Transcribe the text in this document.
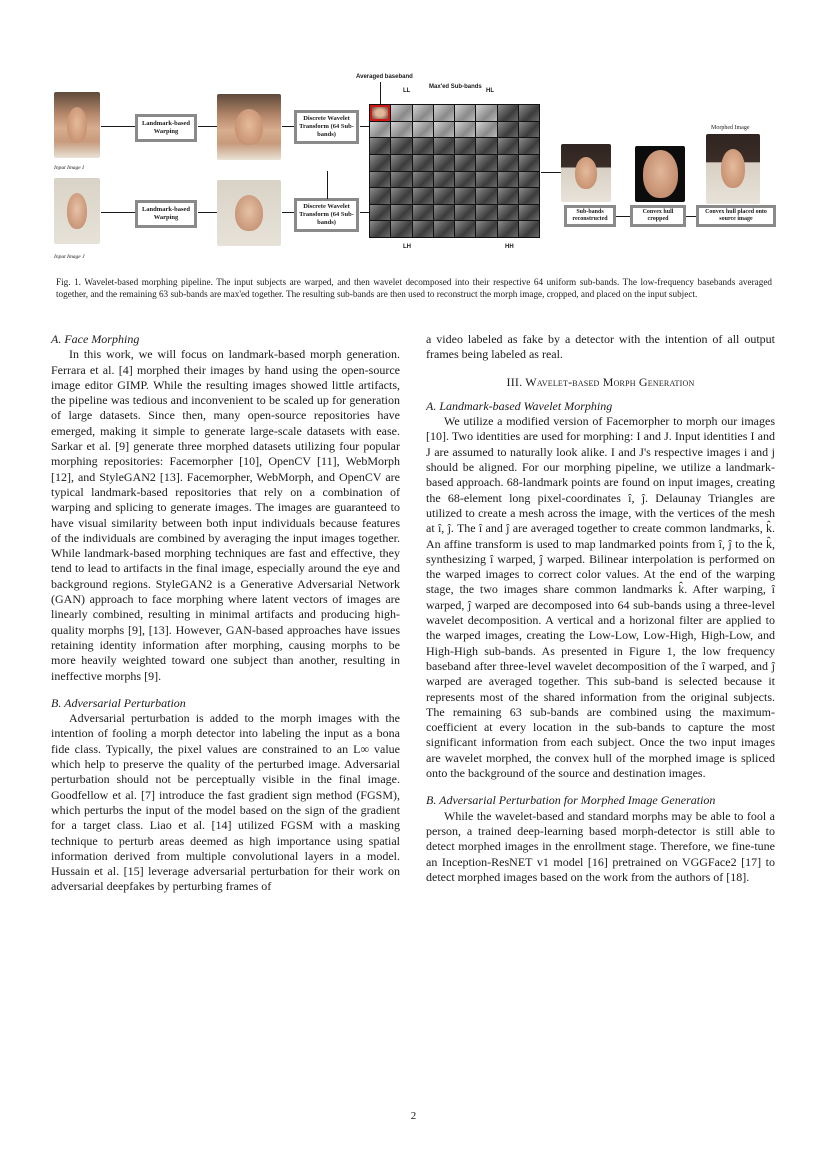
Averaged baseband
LL
Max'ed Sub-bands
HL
Input Image I
Landmark-based Warping
Discrete Wavelet Transform (64 Sub-bands)
Input Image J
Landmark-based Warping
Discrete Wavelet Transform (64 Sub-bands)
LH	HH
Sub-bands reconstructed
Convex hull cropped
Morphed Image
Convex hull placed onto source image
Fig. 1. Wavelet-based morphing pipeline. The input subjects are warped, and then wavelet decomposed into their respective 64 uniform sub-bands. The low-frequency basebands averaged together, and the remaining 63 sub-bands are max'ed together. The resulting sub-bands are then used to reconstruct the morph image, cropped, and placed on the input subject.
A. Face Morphing

In this work, we will focus on landmark-based morph generation. Ferrara et al. [4] morphed their images by hand using the open-source image editor GIMP. While the resulting images showed little artifacts, the pipeline was tedious and inconvenient to be scaled up for generation of large datasets. Since then, many open-source repositories have emerged, making it simple to generate large-scale datasets with ease. Sarkar et al. [9] generate three morphed datasets utilizing four popular morphing repositories: Facemorpher [10], OpenCV [11], WebMorph [12], and StyleGAN2 [13]. Facemorpher, WebMorph, and OpenCV are typical landmark-based repositories that rely on a combination of warping and splicing to generate images. The images are guaranteed to have visual similarity between both input individuals because features of the individuals are combined by averaging the input images together. While landmark-based morphing techniques are fast and effective, they tend to lead to artifacts in the final image, especially around the eye and background regions. StyleGAN2 is a Generative Adversarial Network (GAN) approach to face morphing where latent vectors of images are linearly combined, resulting in minimal artifacts and producing high-quality morphs [9], [13]. However, GAN-based approaches have issues retaining identity information after morphing, causing morphs to be more heavily weighted toward one subject than another, resulting in ineffective morphs [9].

B. Adversarial Perturbation

Adversarial perturbation is added to the morph images with the intention of fooling a morph detector into labeling the input as a bona fide class. Typically, the pixel values are constrained to an L∞ value which help to preserve the quality of the perturbed image. Adversarial perturbation should not be perceptually visible in the final image. Goodfellow et al. [7] introduce the fast gradient sign method (FGSM), which perturbs the input of the model based on the sign of the gradient for a target class. Liao et al. [14] utilized FGSM with a masking technique to perturb areas deemed as high importance using spatial information derived from multiple convolutional layers in a model. Hussain et al. [15] leverage adversarial perturbation for their work on adversarial deepfakes by perturbing frames of

a video labeled as fake by a detector with the intention of all output frames being labeled as real.

III. Wavelet-based Morph Generation
A. Landmark-based Wavelet Morphing

We utilize a modified version of Facemorpher to morph our images [10]. Two identities are used for morphing: I and J. Input identities I and J are assumed to naturally look alike. I and J's respective images i and j should be aligned. For our morphing pipeline, we utilize a landmark-based approach. 68-landmark points are found on input images, creating the 68-element long pixel-coordinates î, ĵ. Delaunay Triangles are utilized to create a mesh across the image, with the vertices of the mesh at î, ĵ. The î and ĵ are averaged together to create common landmarks, k̂. An affine transform is used to map landmarked points from î, ĵ to the k̂, synthesizing î warped, ĵ warped. Bilinear interpolation is performed on the warped images to correct color values. At the end of the warping stage, the two images share common landmarks k̂. After warping, î warped, ĵ warped are decomposed into 64 sub-bands using a three-level wavelet decomposition. A vertical and a horizonal filter are applied to the warped images, creating the Low-Low, Low-High, High-Low, and High-High sub-bands. As presented in Figure 1, the low frequency baseband after three-level wavelet decomposition of the î warped, and ĵ warped are averaged together. This sub-band is selected because it represents most of the shared information from the original subjects. The remaining 63 sub-bands are combined using the maximum-coefficient at every location in the sub-bands to capture the most significant information from each subject. Once the two input images are wavelet morphed, the convex hull of the morphed image is spliced onto the background of the source and destination images.

B. Adversarial Perturbation for Morphed Image Generation

While the wavelet-based and standard morphs may be able to fool a person, a trained deep-learning based morph-detector is still able to detect morphed images in the enrollment stage. Therefore, we fine-tune an Inception-ResNET v1 model [16] pretrained on VGGFace2 [17] to detect morphed images based on the work from the authors of [18].

2
